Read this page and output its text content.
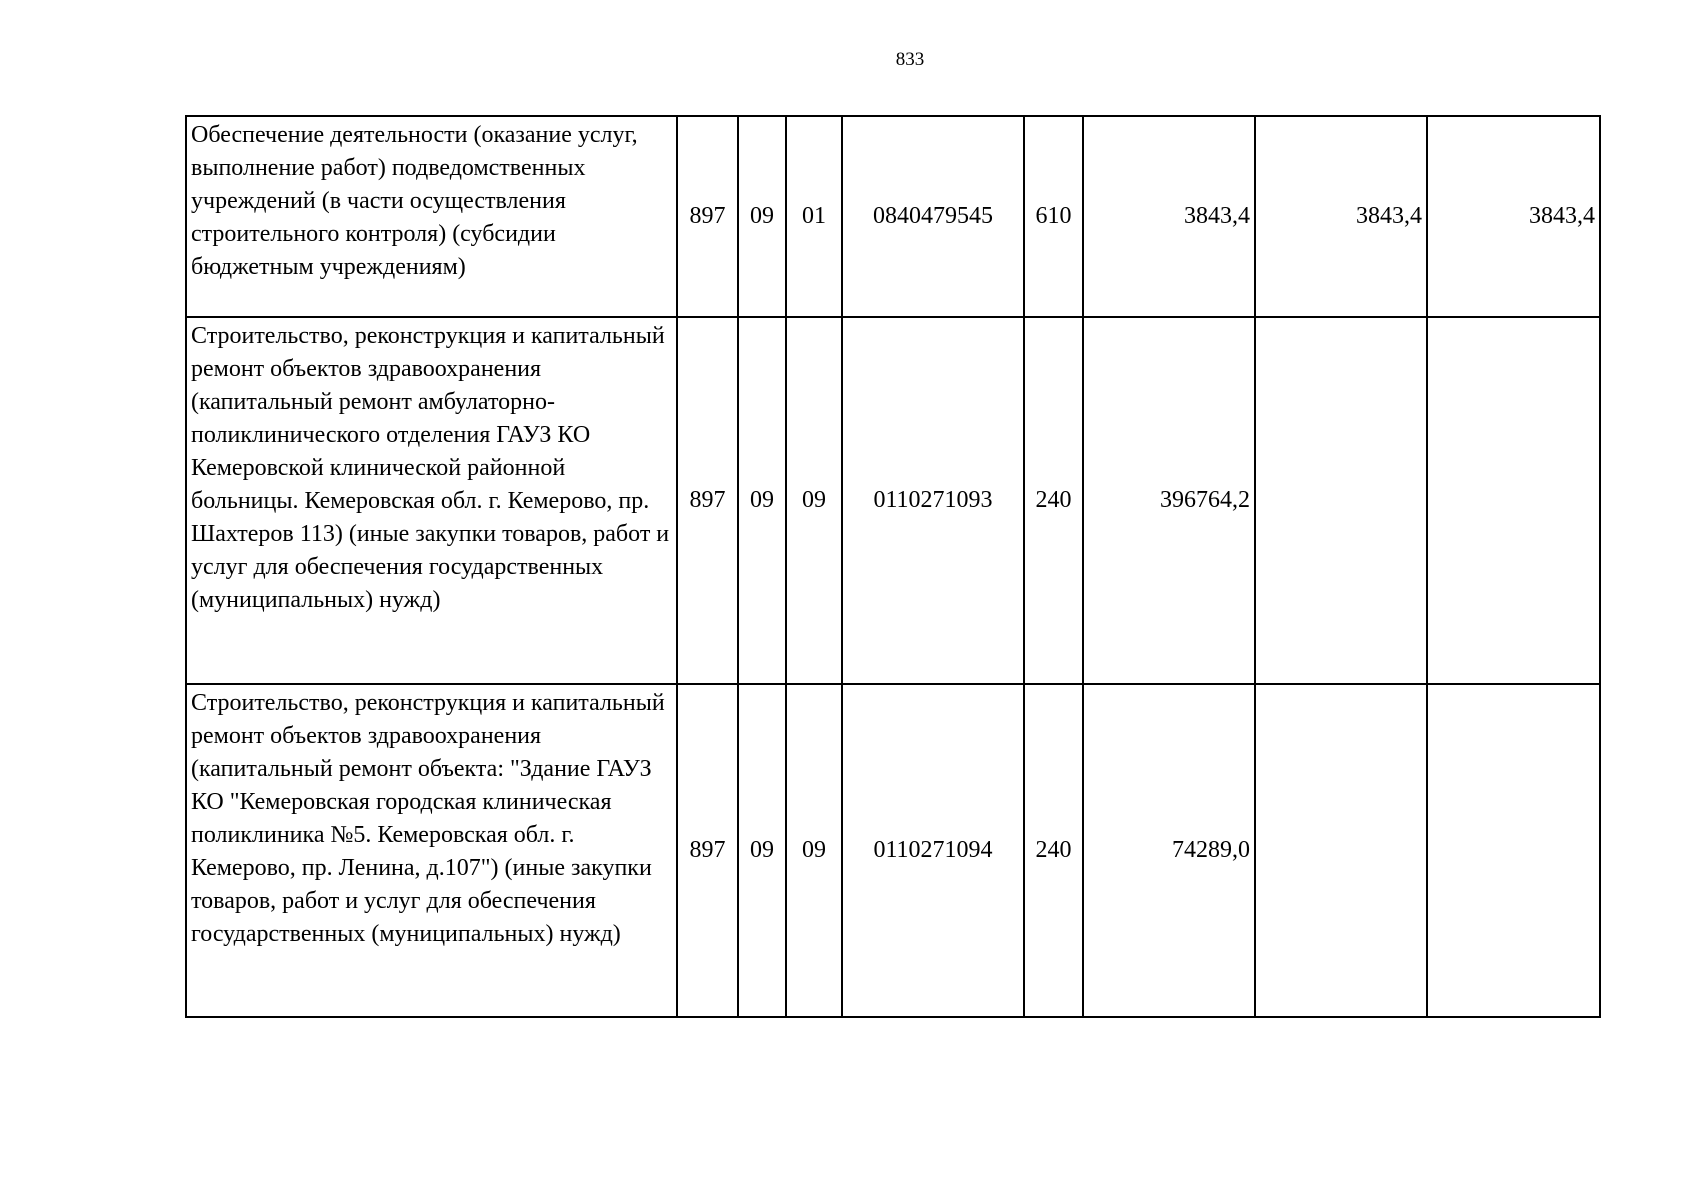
833
Обеспечение деятельности (оказание услуг, выполнение работ) подведомственных учреждений (в части осуществления строительного контроля) (субсидии бюджетным учреждениям)	897	09	01	0840479545	610	3843,4	3843,4	3843,4
Строительство, реконструкция и капитальный ремонт объектов здравоохранения (капитальный ремонт амбулаторно-поликлинического отделения ГАУЗ КО Кемеровской клинической районной больницы. Кемеровская обл. г. Кемерово, пр. Шахтеров 113) (иные закупки товаров, работ и услуг для обеспечения государственных (муниципальных) нужд)	897	09	09	0110271093	240	396764,2		
Строительство, реконструкция и капитальный ремонт объектов здравоохранения (капитальный ремонт объекта: "Здание ГАУЗ КО "Кемеровская городская клиническая поликлиника №5. Кемеровская обл. г. Кемерово, пр. Ленина, д.107") (иные закупки товаров, работ и услуг для обеспечения государственных (муниципальных) нужд)	897	09	09	0110271094	240	74289,0		
